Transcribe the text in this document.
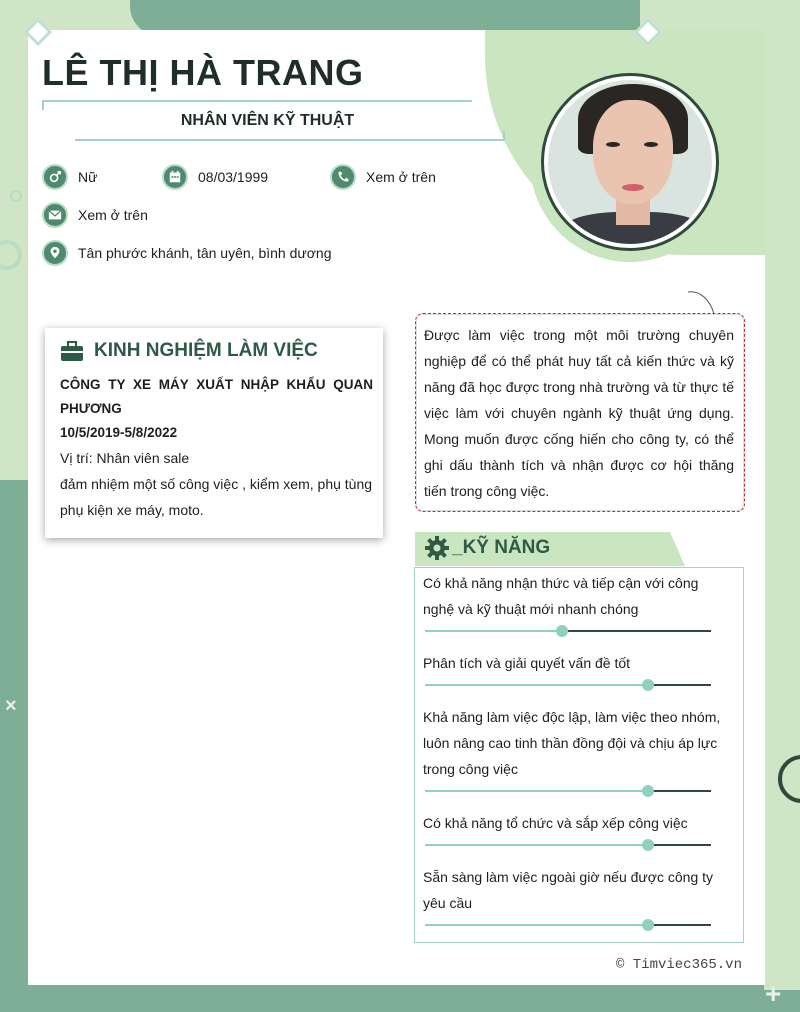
×
+
LÊ THỊ HÀ TRANG
NHÂN VIÊN KỸ THUẬT
Nữ	08/03/1999	Xem ở trên
Xem ở trên
Tân phước khánh, tân uyên, bình dương
KINH NGHIỆM LÀM VIỆC
CÔNG TY XE MÁY XUẤT NHẬP KHẨU QUAN PHƯƠNG
10/5/2019-5/8/2022
Vị trí: Nhân viên sale
đảm nhiệm một số công việc , kiểm xem, phụ tùng phụ kiện xe máy, moto.
Được làm việc trong một môi trường chuyên nghiệp để có thể phát huy tất cả kiến thức và kỹ năng đã học được trong nhà trường và từ thực tế việc làm với chuyên ngành kỹ thuật ứng dụng. Mong muốn được cống hiến cho công ty, có thể ghi dấu thành tích và nhận được cơ hội thăng tiến trong công việc.
_KỸ NĂNG
Có khả năng nhận thức và tiếp cận với công nghệ và kỹ thuật mới nhanh chóng
Phân tích và giải quyết vấn đề tốt
Khả năng làm việc độc lập, làm việc theo nhóm, luôn nâng cao tinh thần đồng đội và chịu áp lực trong công việc
Có khả năng tổ chức và sắp xếp công việc
Sẵn sàng làm việc ngoài giờ nếu được công ty yêu cầu
© Timviec365.vn
